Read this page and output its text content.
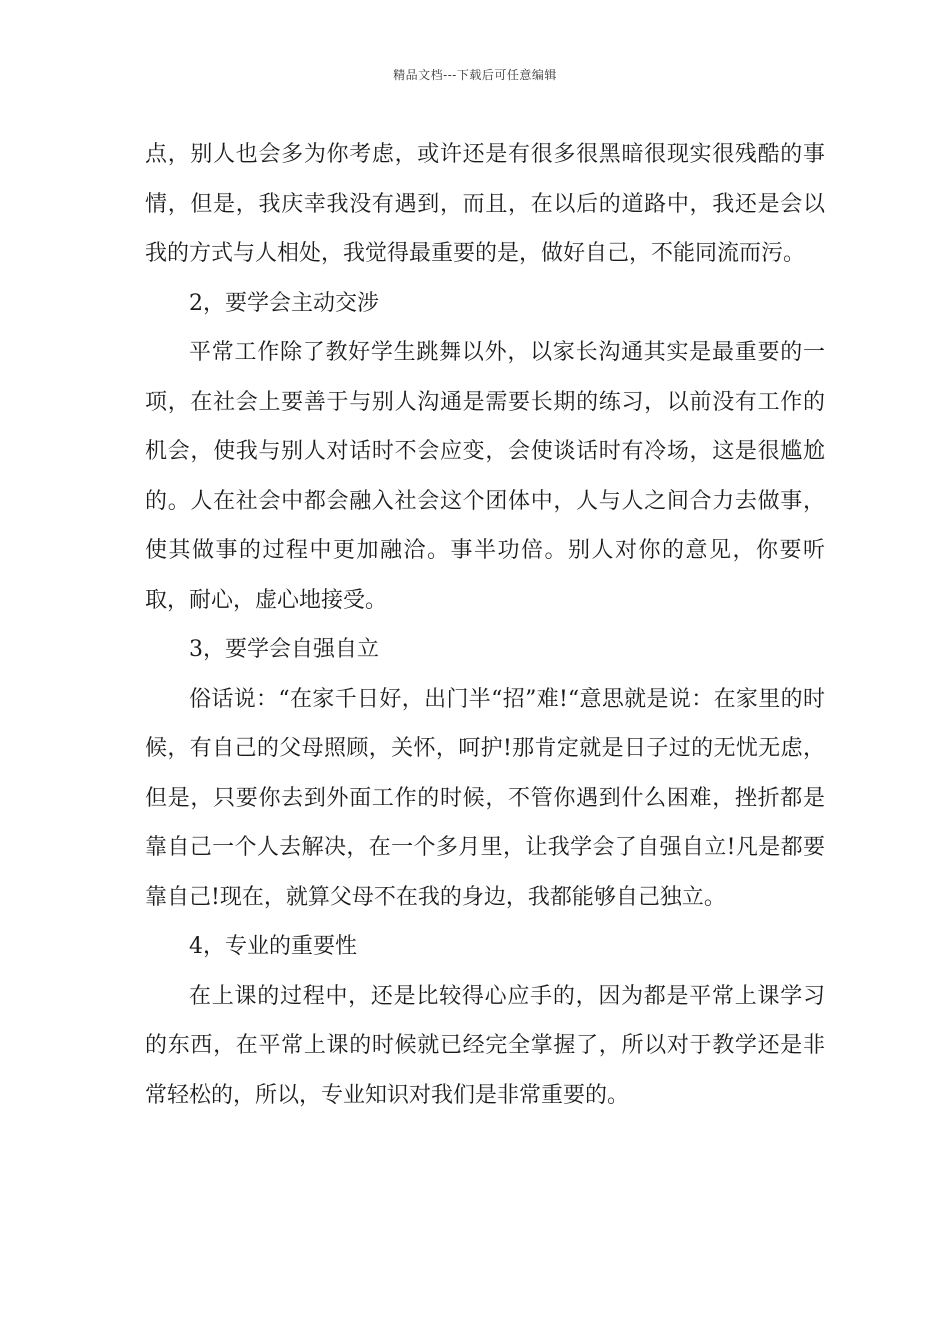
精品文档---下载后可任意编辑

点，别人也会多为你考虑，或许还是有很多很黑暗很现实很残酷的事情，但是，我庆幸我没有遇到，而且，在以后的道路中，我还是会以我的方式与人相处，我觉得最重要的是，做好自己，不能同流而污。

2，要学会主动交涉

平常工作除了教好学生跳舞以外，以家长沟通其实是最重要的一项，在社会上要善于与别人沟通是需要长期的练习，以前没有工作的机会，使我与别人对话时不会应变，会使谈话时有冷场，这是很尴尬的。人在社会中都会融入社会这个团体中，人与人之间合力去做事，使其做事的过程中更加融洽。事半功倍。别人对你的意见，你要听取，耐心，虚心地接受。

3，要学会自强自立

俗话说：“在家千日好，出门半“招”难!“意思就是说：在家里的时候，有自己的父母照顾，关怀，呵护!那肯定就是日子过的无忧无虑，但是，只要你去到外面工作的时候，不管你遇到什么困难，挫折都是靠自己一个人去解决，在一个多月里，让我学会了自强自立!凡是都要靠自己!现在，就算父母不在我的身边，我都能够自己独立。

4，专业的重要性

在上课的过程中，还是比较得心应手的，因为都是平常上课学习的东西，在平常上课的时候就已经完全掌握了，所以对于教学还是非常轻松的，所以，专业知识对我们是非常重要的。
